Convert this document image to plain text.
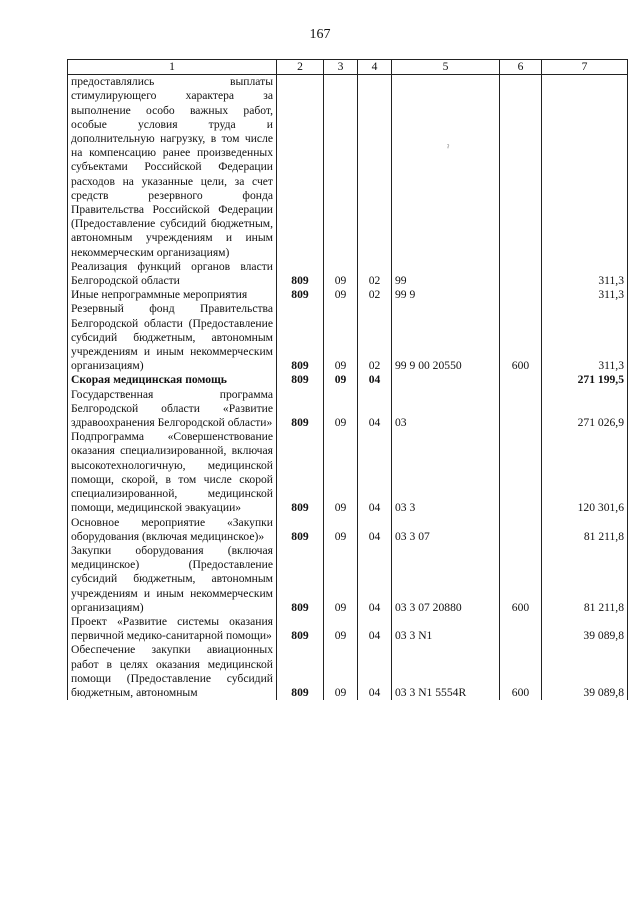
167
1	2	3	4	5	6	7
предоставлялись выплаты стимулирующего характера за выполнение особо важных работ, особые условия труда и дополнительную нагрузку, в том числе на компенсацию ранее произведенных субъектами Российской Федерации расходов на указанные цели, за счет средств резервного фонда Правительства Российской Федерации (Предоставление субсидий бюджетным, автономным учреждениям и иным некоммерческим организациям)						
Реализация функций органов власти Белгородской области	809	09	02	99		311,3
Иные непрограммные мероприятия	809	09	02	99 9		311,3
Резервный фонд Правительства Белгородской области (Предоставление субсидий бюджетным, автономным учреждениям и иным некоммерческим организациям)	809	09	02	99 9 00 20550	600	311,3
Скорая медицинская помощь	809	09	04			271 199,5
Государственная программа Белгородской области «Развитие здравоохранения Белгородской области»	809	09	04	03		271 026,9
Подпрограмма «Совершенствование оказания специализированной, включая высокотехнологичную, медицинской помощи, скорой, в том числе скорой специализированной, медицинской помощи, медицинской эвакуации»	809	09	04	03 3		120 301,6
Основное мероприятие «Закупки оборудования (включая медицинское)»	809	09	04	03 3 07		81 211,8
Закупки оборудования (включая медицинское) (Предоставление субсидий бюджетным, автономным учреждениям и иным некоммерческим организациям)	809	09	04	03 3 07 20880	600	81 211,8
Проект «Развитие системы оказания первичной медико-санитарной помощи»	809	09	04	03 3 N1		39 089,8
Обеспечение закупки авиационных работ в целях оказания медицинской помощи (Предоставление субсидий бюджетным, автономным	809	09	04	03 3 N1 5554R	600	39 089,8
ˀ
